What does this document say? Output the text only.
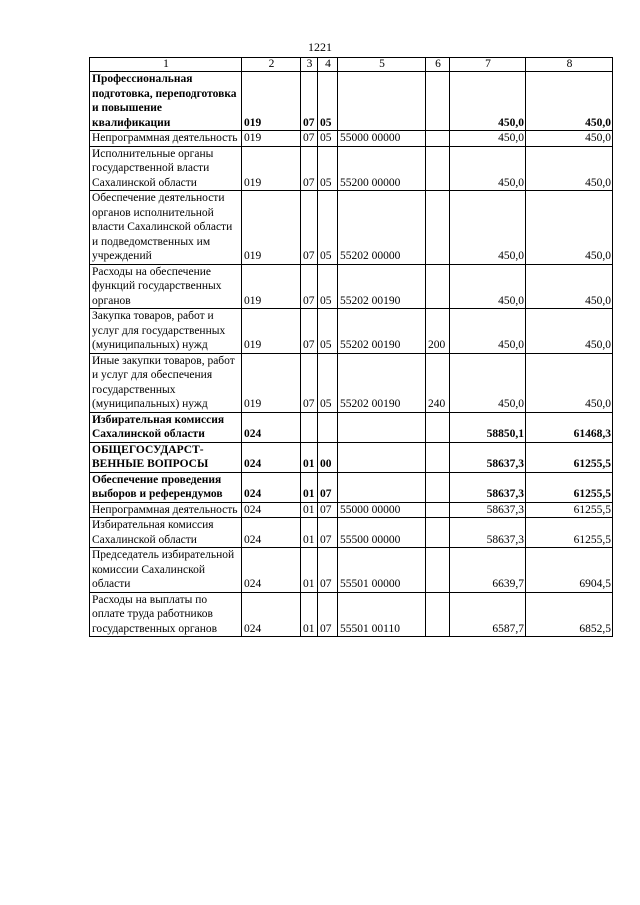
1221
1	2	3	4	5	6	7	8
Профессиональная подготовка, переподготовка и повышение квалификации	019	07	05			450,0	450,0
Непрограммная деятельность	019	07	05	55000 00000		450,0	450,0
Исполнительные органы государственной власти Сахалинской области	019	07	05	55200 00000		450,0	450,0
Обеспечение деятельности органов исполнительной власти Сахалинской области и подведомственных им учреждений	019	07	05	55202 00000		450,0	450,0
Расходы на обеспечение функций государственных органов	019	07	05	55202 00190		450,0	450,0
Закупка товаров, работ и услуг для государственных (муниципальных) нужд	019	07	05	55202 00190	200	450,0	450,0
Иные закупки товаров, работ и услуг для обеспечения государственных (муниципальных) нужд	019	07	05	55202 00190	240	450,0	450,0
Избирательная комиссия Сахалинской области	024					58850,1	61468,3
ОБЩЕГОСУДАРСТ-ВЕННЫЕ ВОПРОСЫ	024	01	00			58637,3	61255,5
Обеспечение проведения выборов и референдумов	024	01	07			58637,3	61255,5
Непрограммная деятельность	024	01	07	55000 00000		58637,3	61255,5
Избирательная комиссия Сахалинской области	024	01	07	55500 00000		58637,3	61255,5
Председатель избирательной комиссии Сахалинской области	024	01	07	55501 00000		6639,7	6904,5
Расходы на выплаты по оплате труда работников государственных органов	024	01	07	55501 00110		6587,7	6852,5
